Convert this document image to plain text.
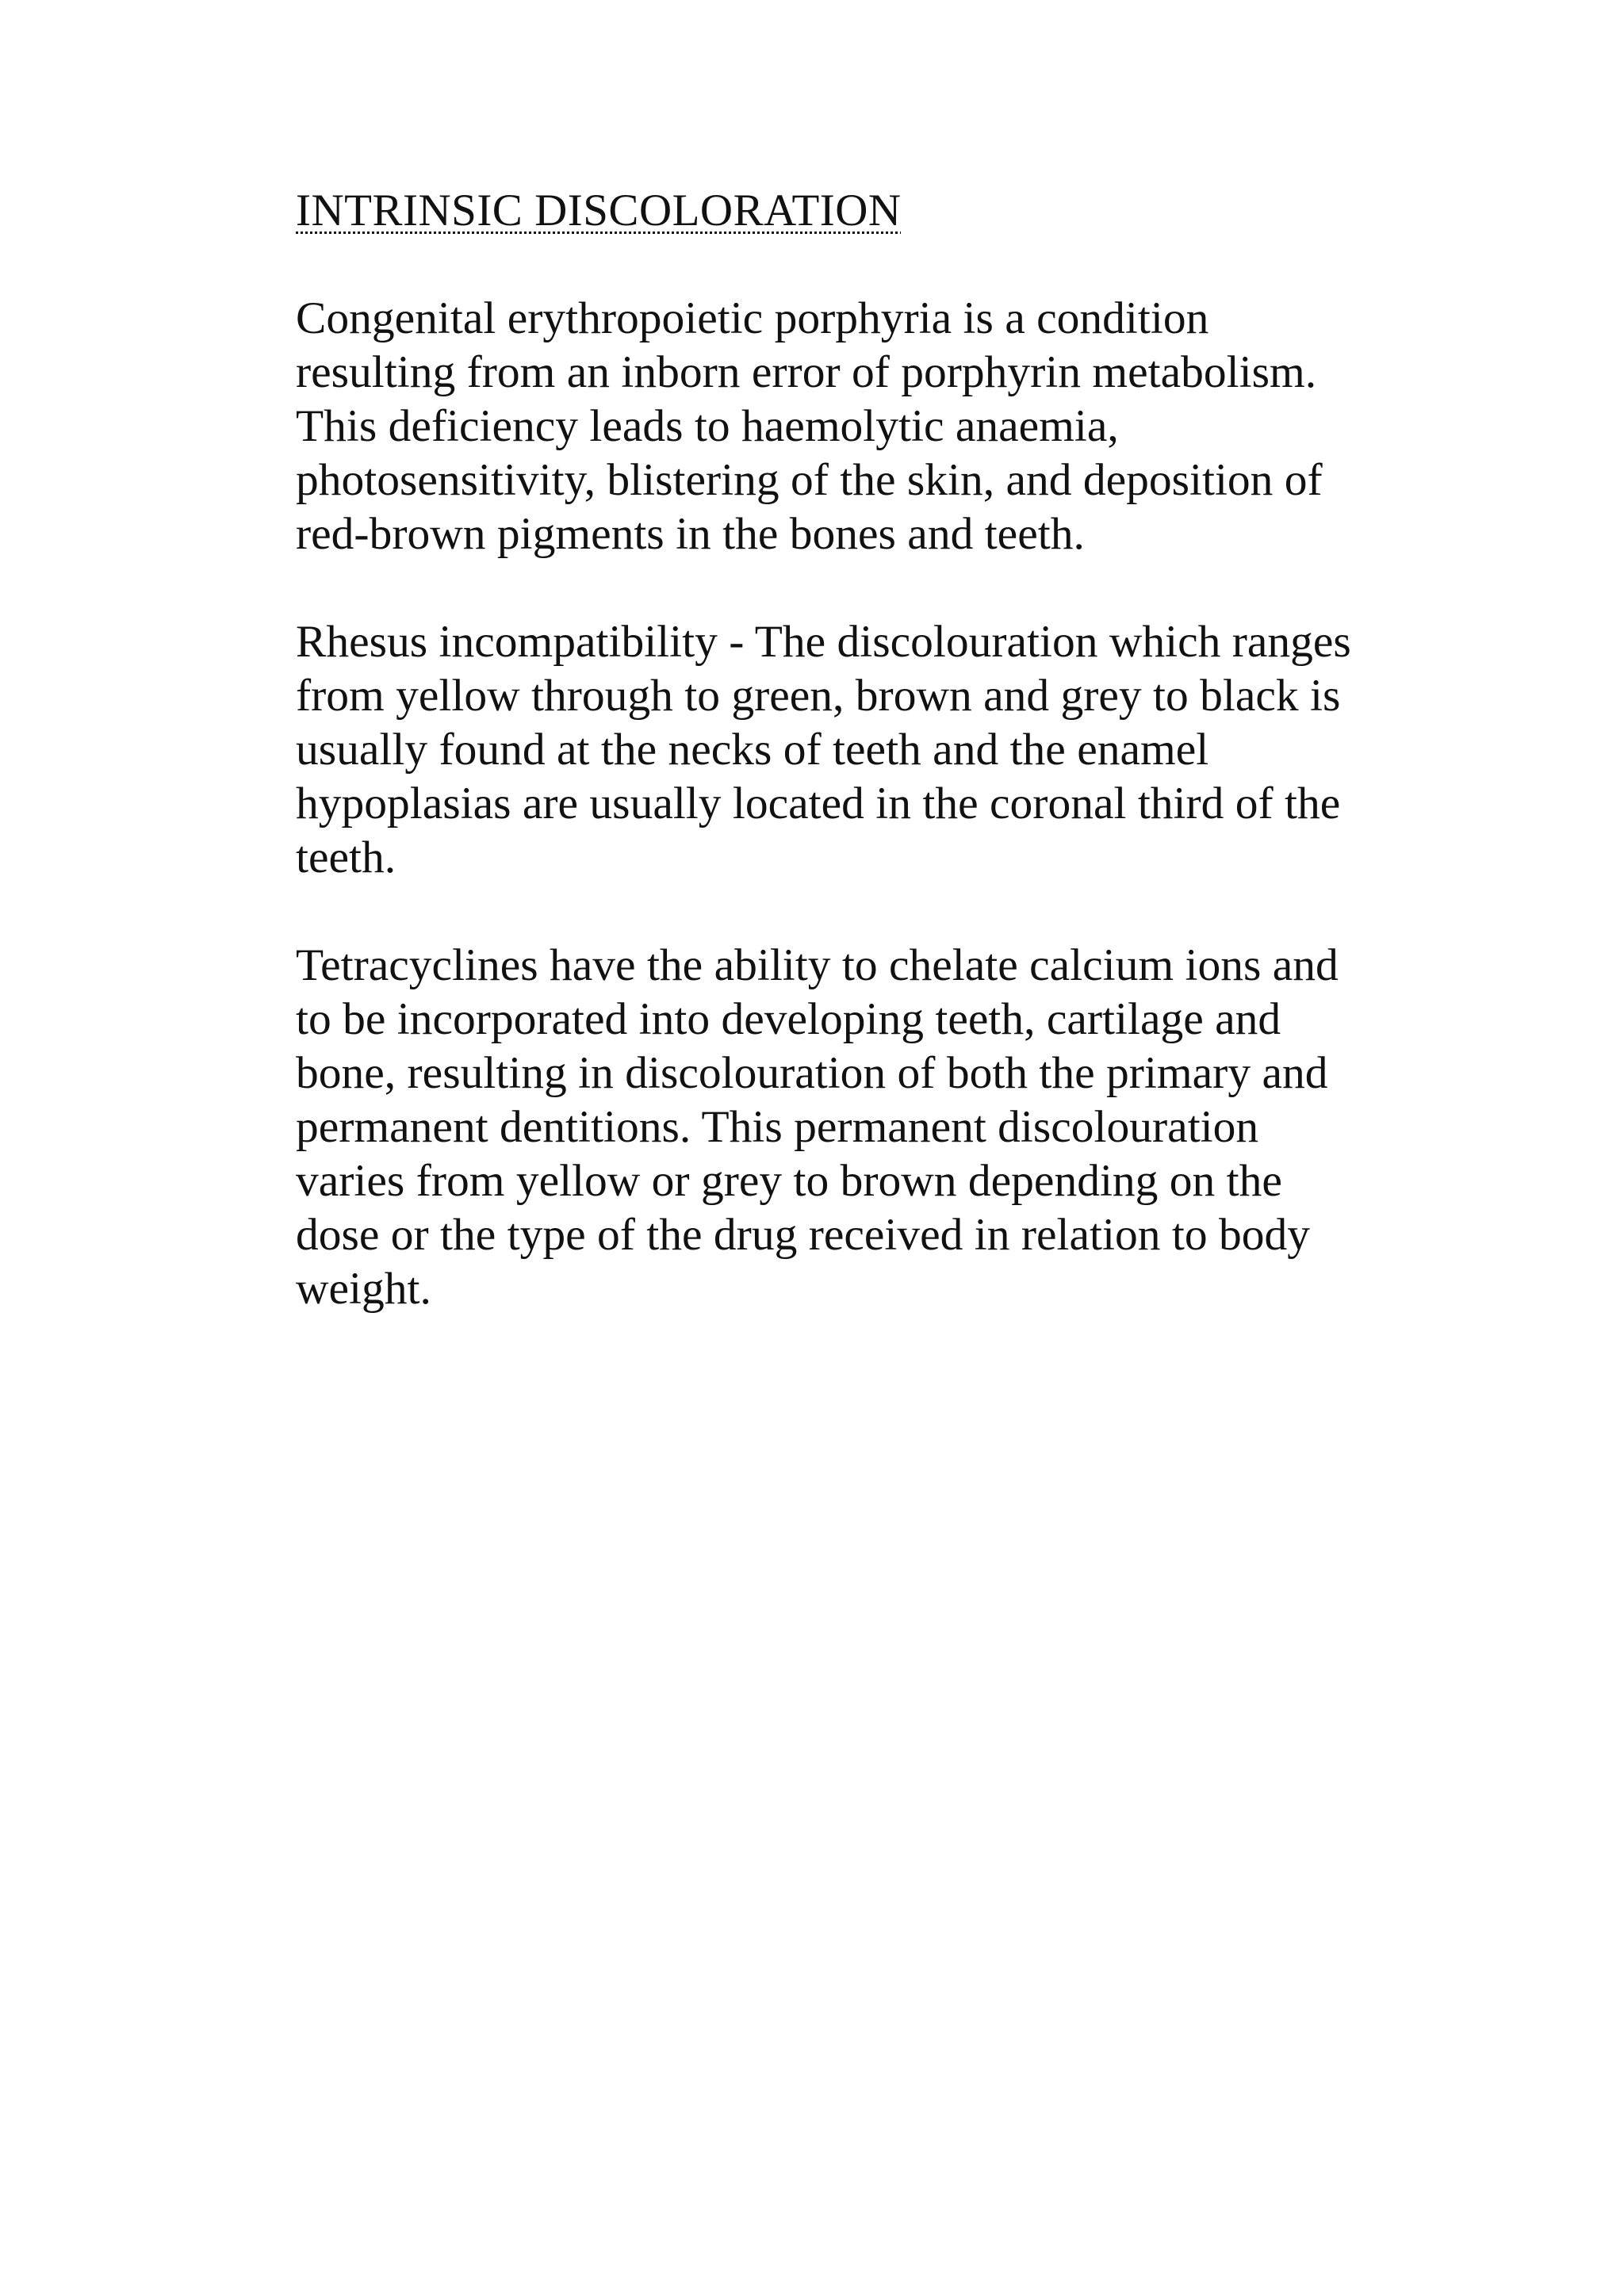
INTRINSIC DISCOLORATION

Congenital erythropoietic porphyria is a condition
resulting from an inborn error of porphyrin metabolism.
This deficiency leads to haemolytic anaemia,
photosensitivity, blistering of the skin, and deposition of
red-brown pigments in the bones and teeth.

Rhesus incompatibility - The discolouration which ranges
from yellow through to green, brown and grey to black is
usually found at the necks of teeth and the enamel
hypoplasias are usually located in the coronal third of the
teeth.

Tetracyclines have the ability to chelate calcium ions and
to be incorporated into developing teeth, cartilage and
bone, resulting in discolouration of both the primary and
permanent dentitions. This permanent discolouration
varies from yellow or grey to brown depending on the
dose or the type of the drug received in relation to body
weight.
